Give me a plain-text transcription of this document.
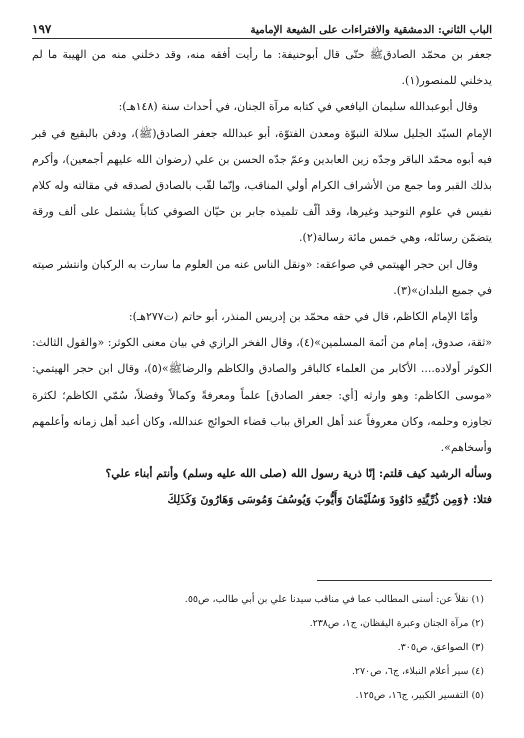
الباب الثاني: الدمشقية والافتراءات على الشيعة الإمامية
١٩٧

جعفر بن محمّد الصادقﷺ حتّى قال أبوحنيفة: ما رأيت أفقه منه، وقد دخلني منه من الهيبة ما لم يدخلني للمنصور(١).

وقال أبوعبدالله سليمان اليافعي في كتابه مرآة الجنان، في أحداث سنة (١٤٨هـ):

الإمام السيّد الجليل سلالة النبوّة ومعدن الفتوّة، أبو عبدالله جعفر الصادق(ﷺ)، ودفن بالبقيع في قبر فيه أبوه محمّد الباقر وجدّه زين العابدين وعمّ جدّه الحسن بن علي (رضوان الله عليهم أجمعين)، وأكرم بذلك القبر وما جمع من الأشراف الكرام أولي المناقب، وإنّما لقّب بالصادق لصدقه في مقالته وله كلام نفيس في علوم التوحيد وغيرها، وقد ألّف تلميذه جابر بن حيّان الصوفي كتاباً يشتمل على ألف ورقة يتضمّن رسائله، وهي خمس مائة رسالة(٢).

وقال ابن حجر الهيتمي في صواعقه: «ونقل الناس عنه من العلوم ما سارت به الركبان وانتشر صيته في جميع البلدان»(٣).

وأمّا الإمام الكاظم، قال في حقه محمّد بن إدريس المنذر، أبو حاتم (ت٢٧٧هـ):

«ثقة، صدوق، إمام من أئمة المسلمين»(٤)، وقال الفخر الرازي في بيان معنى الكوثر: «والقول الثالث: الكوثر أولاده.... الأكابر من العلماء كالباقر والصادق والكاظم والرضاﷺ»(٥)، وقال ابن حجر الهيتمي: «موسى الكاظم: وهو وارثه [أي: جعفر الصادق] علماً ومعرفةً وكمالاً وفضلاً، سُمّي الكاظم؛ لكثرة تجاوزه وحلمه، وكان معروفاً عند أهل العراق بباب قضاء الحوائج عندالله، وكان أعبد أهل زمانه وأعلمهم وأسخاهم».

وسأله الرشيد كيف قلتم: إنّا ذرية رسول الله (صلى الله عليه وسلم) وأنتم أبناء علي؟

فتلا: ﴿وَمِن ذُرِّيَّتِهِ دَاوُودَ وَسُلَيْمَانَ وَأَيُّوبَ وَيُوسُفَ وَمُوسَى وَهَارُونَ وَكَذَلِكَ

(١) نقلاً عن: أسنى المطالب عما في مناقب سيدنا علي بن أبي طالب، ص٥٥.
(٢) مرآة الجنان وعبرة اليقظان، ج١، ص٢٣٨.
(٣) الصواعق، ص٣٠٥.
(٤) سير أعلام النبلاء، ج٦، ص٢٧٠.
(٥) التفسير الكبير، ج١٦، ص١٢٥.
